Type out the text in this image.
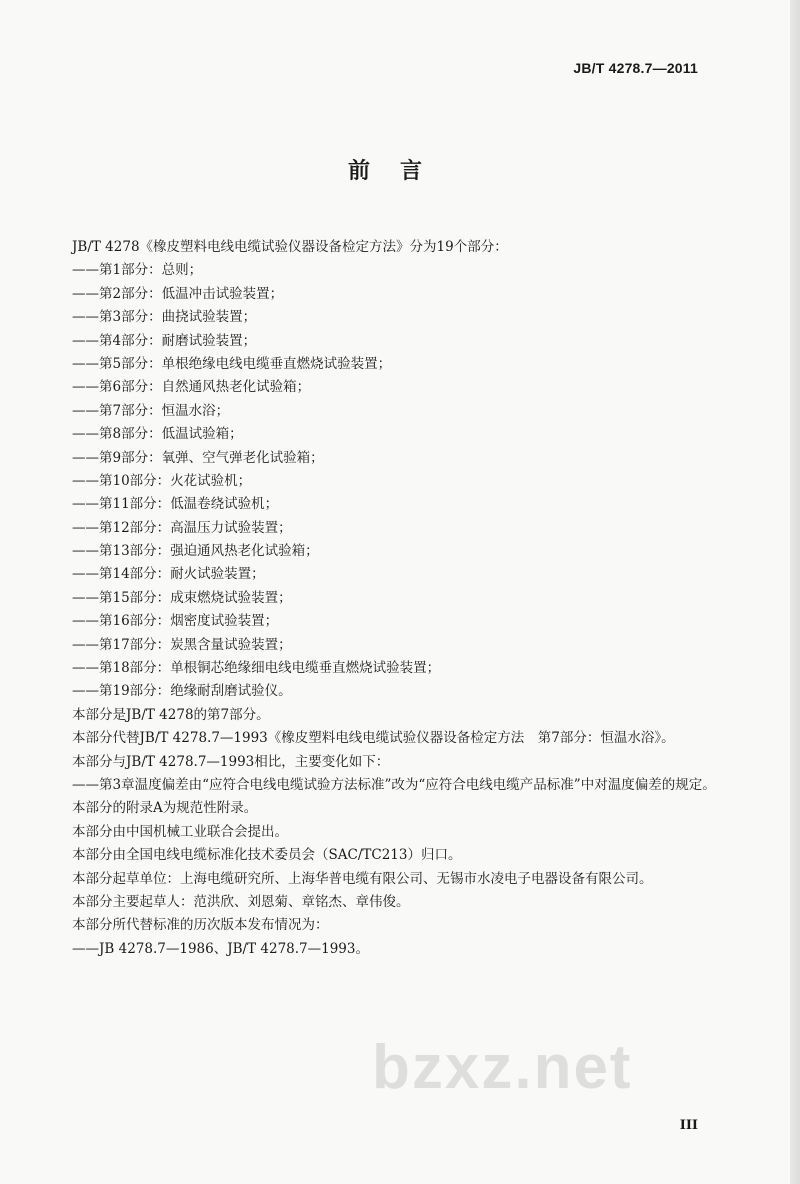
JB/T 4278.7—2011
前言
JB/T 4278《橡皮塑料电线电缆试验仪器设备检定方法》分为19个部分：
——第1部分：总则；
——第2部分：低温冲击试验装置；
——第3部分：曲挠试验装置；
——第4部分：耐磨试验装置；
——第5部分：单根绝缘电线电缆垂直燃烧试验装置；
——第6部分：自然通风热老化试验箱；
——第7部分：恒温水浴；
——第8部分：低温试验箱；
——第9部分：氧弹、空气弹老化试验箱；
——第10部分：火花试验机；
——第11部分：低温卷绕试验机；
——第12部分：高温压力试验装置；
——第13部分：强迫通风热老化试验箱；
——第14部分：耐火试验装置；
——第15部分：成束燃烧试验装置；
——第16部分：烟密度试验装置；
——第17部分：炭黑含量试验装置；
——第18部分：单根铜芯绝缘细电线电缆垂直燃烧试验装置；
——第19部分：绝缘耐刮磨试验仪。
本部分是JB/T 4278的第7部分。
本部分代替JB/T 4278.7—1993《橡皮塑料电线电缆试验仪器设备检定方法　第7部分：恒温水浴》。
本部分与JB/T 4278.7—1993相比，主要变化如下：
——第3章温度偏差由“应符合电线电缆试验方法标准”改为“应符合电线电缆产品标准”中对温度偏差的规定。
本部分的附录A为规范性附录。
本部分由中国机械工业联合会提出。
本部分由全国电线电缆标准化技术委员会（SAC/TC213）归口。
本部分起草单位：上海电缆研究所、上海华普电缆有限公司、无锡市水凌电子电器设备有限公司。
本部分主要起草人：范洪欣、刘恩菊、章铭杰、章伟俊。
本部分所代替标准的历次版本发布情况为：
——JB 4278.7—1986、JB/T 4278.7—1993。
bzxz.net
III
